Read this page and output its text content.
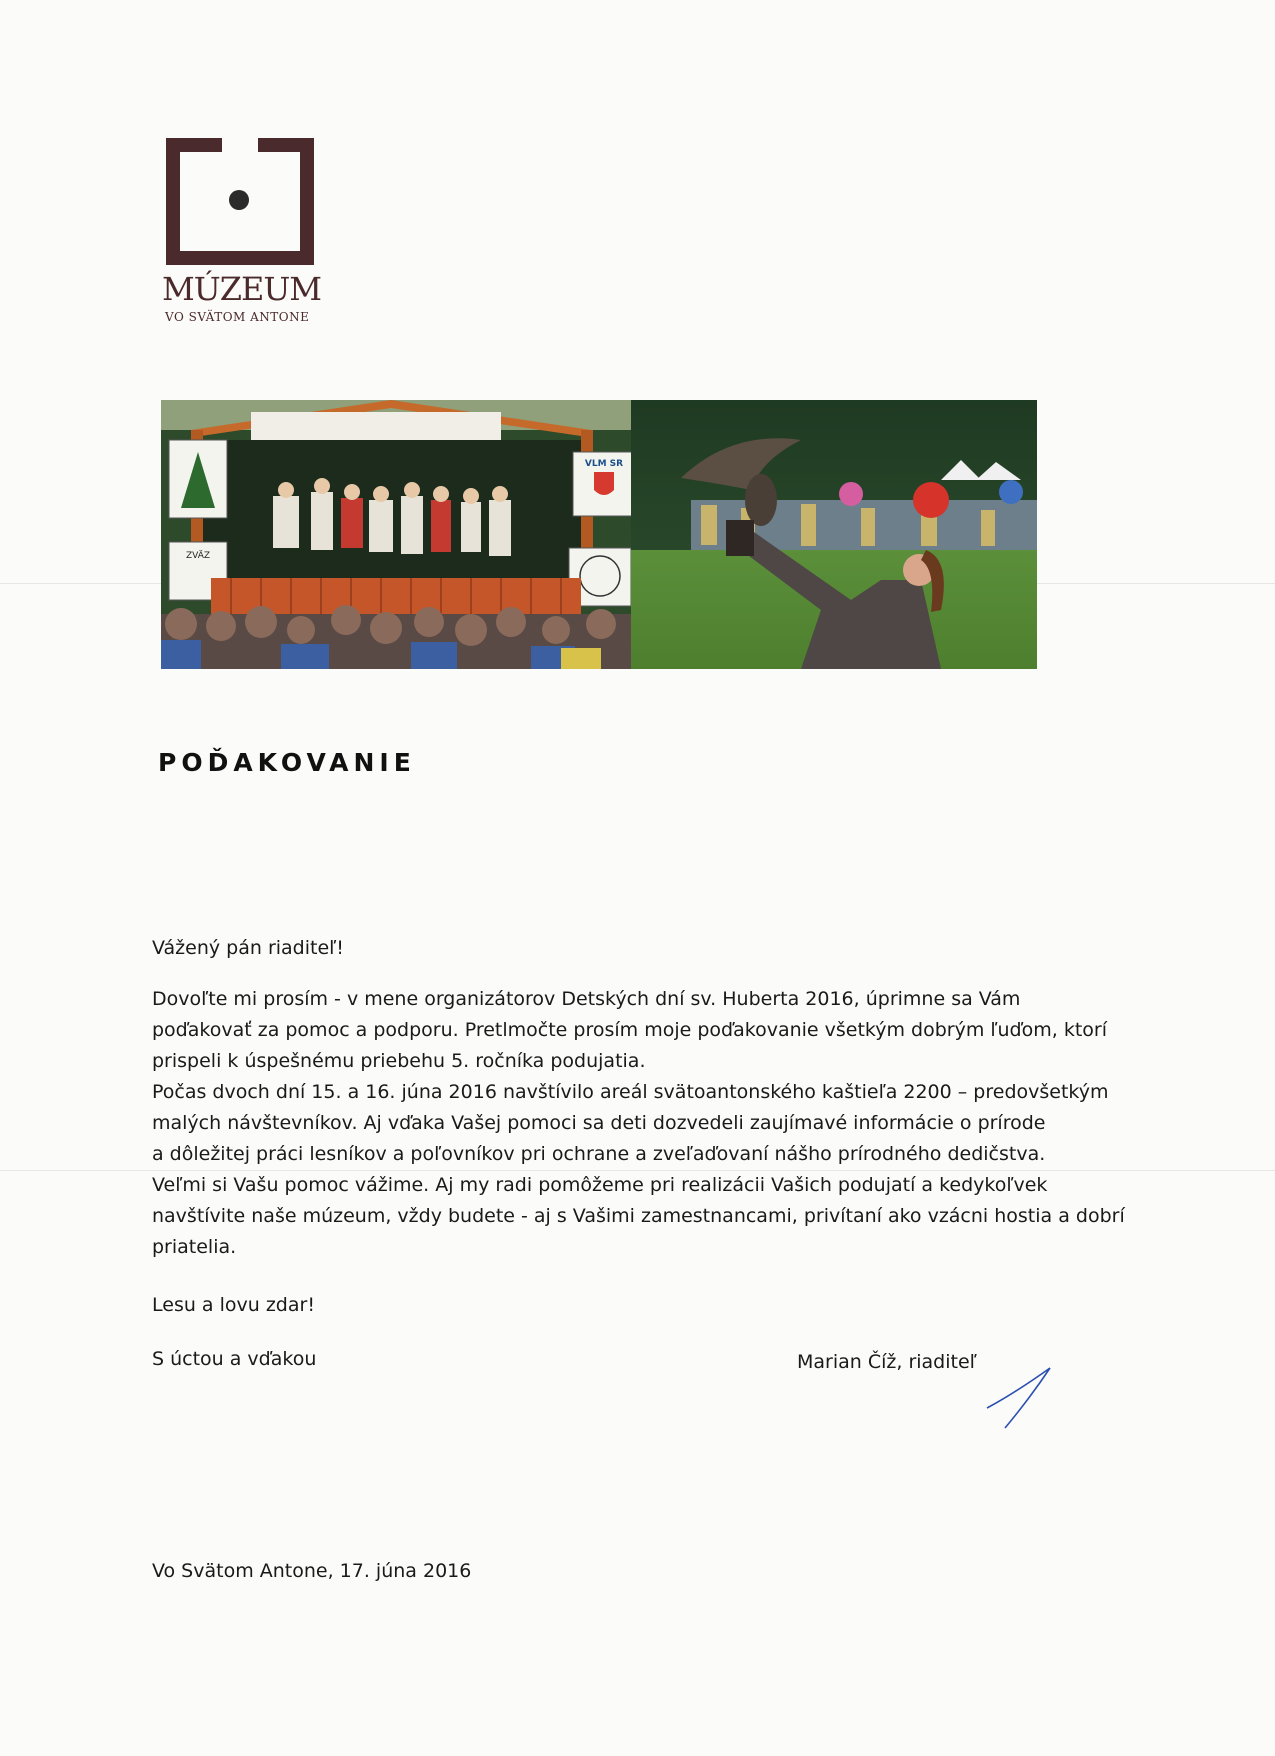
MÚZEUM
VO SVÄTOM ANTONE
ZVÄZ
VLM SR
POĎAKOVANIE
Vážený pán riaditeľ!
Dovoľte mi prosím - v mene organizátorov Detských dní sv. Huberta 2016, úprimne sa Vám
poďakovať za pomoc a podporu. Pretlmočte prosím moje poďakovanie všetkým dobrým ľuďom, ktorí
prispeli k úspešnému priebehu 5. ročníka podujatia.
Počas dvoch dní 15. a 16. júna 2016 navštívilo areál svätoantonského kaštieľa 2200 – predovšetkým
malých návštevníkov. Aj vďaka Vašej pomoci sa deti dozvedeli zaujímavé informácie o prírode
a dôležitej práci lesníkov a poľovníkov pri ochrane a zveľaďovaní nášho prírodného dedičstva.
Veľmi si Vašu pomoc vážime. Aj my radi pomôžeme pri realizácii Vašich podujatí a kedykoľvek
navštívite naše múzeum, vždy budete - aj s Vašimi zamestnancami, privítaní ako vzácni hostia a dobrí
priatelia.
Lesu a lovu zdar!
S úctou a vďakou	Marian Číž, riaditeľ
Vo Svätom Antone, 17. júna 2016
